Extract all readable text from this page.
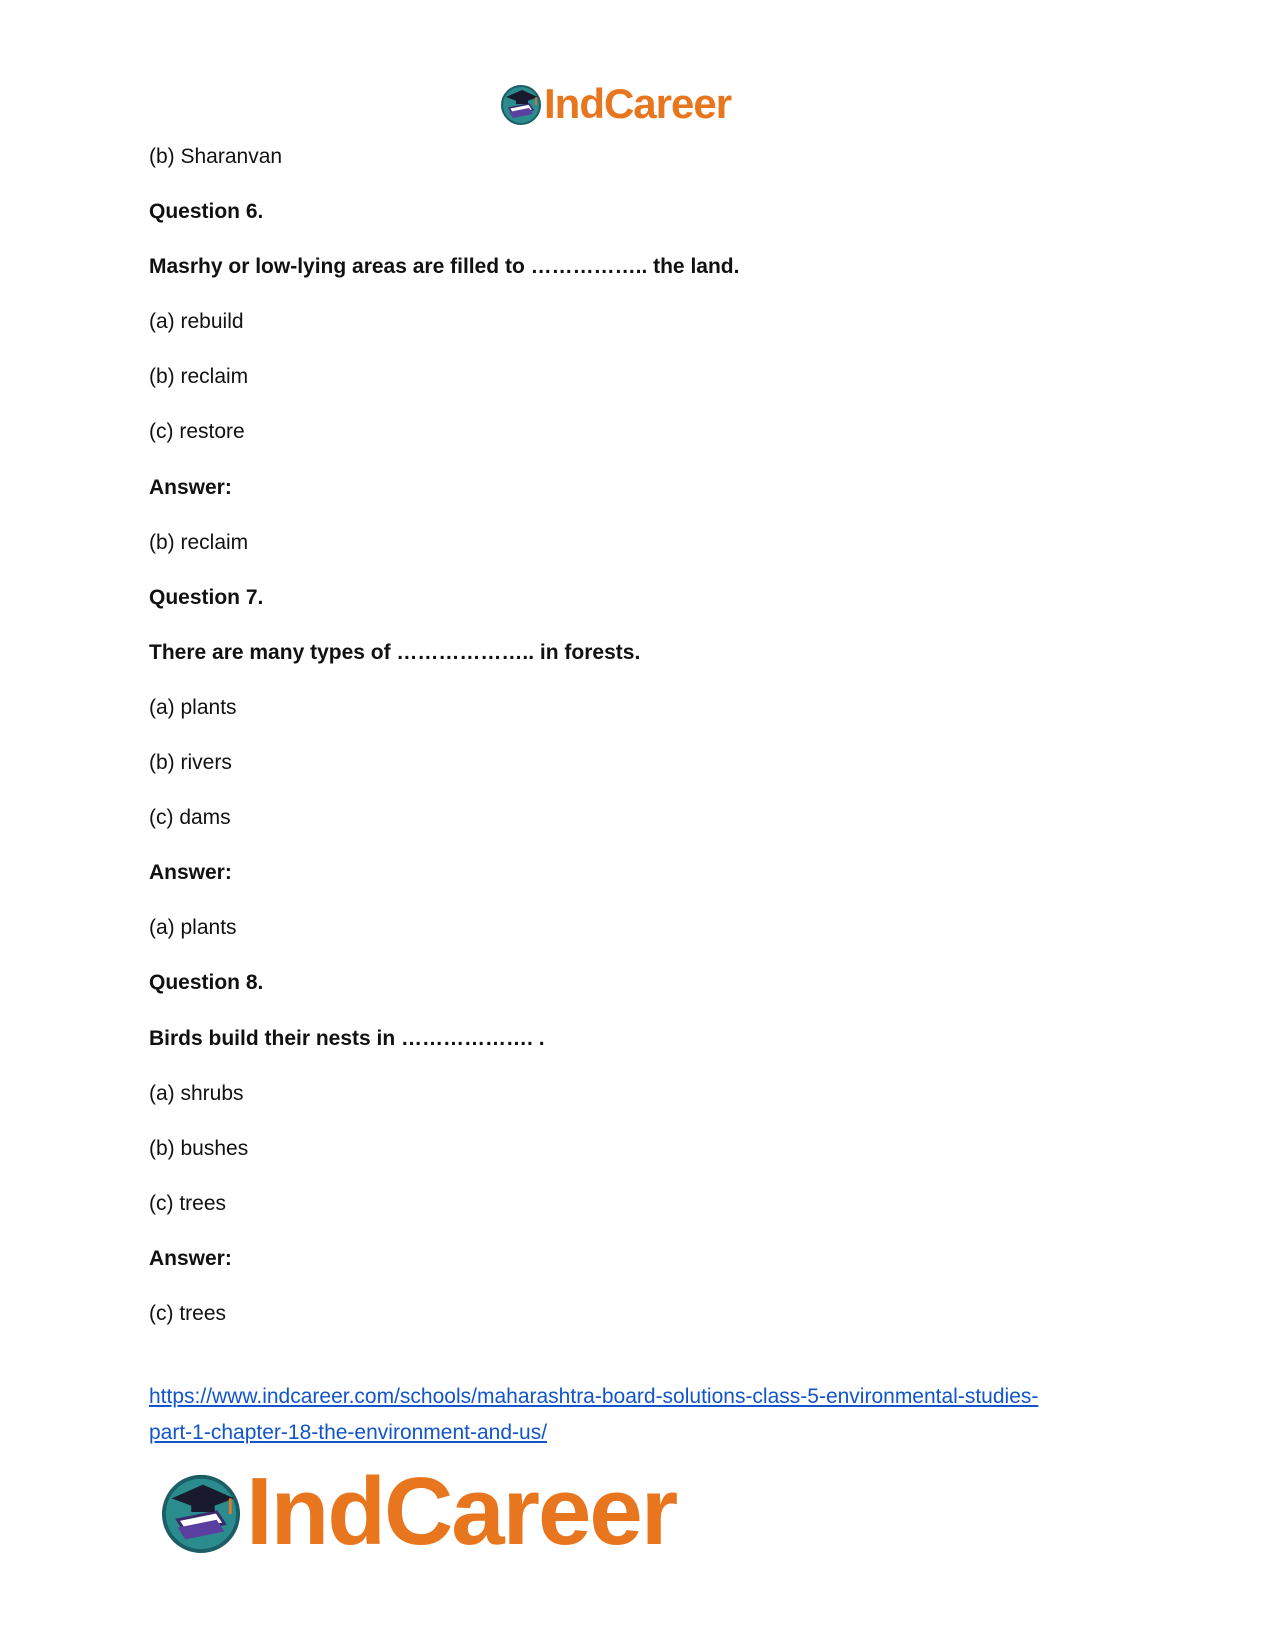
IndCareer
(b) Sharanvan
Question 6.
Masrhy or low-lying areas are filled to …………….. the land.
(a) rebuild
(b) reclaim
(c) restore
Answer:
(b) reclaim
Question 7.
There are many types of ……………….. in forests.
(a) plants
(b) rivers
(c) dams
Answer:
(a) plants
Question 8.
Birds build their nests in ………………. .
(a) shrubs
(b) bushes
(c) trees
Answer:
(c) trees
https://www.indcareer.com/schools/maharashtra-board-solutions-class-5-environmental-studies-
part-1-chapter-18-the-environment-and-us/
IndCareer
